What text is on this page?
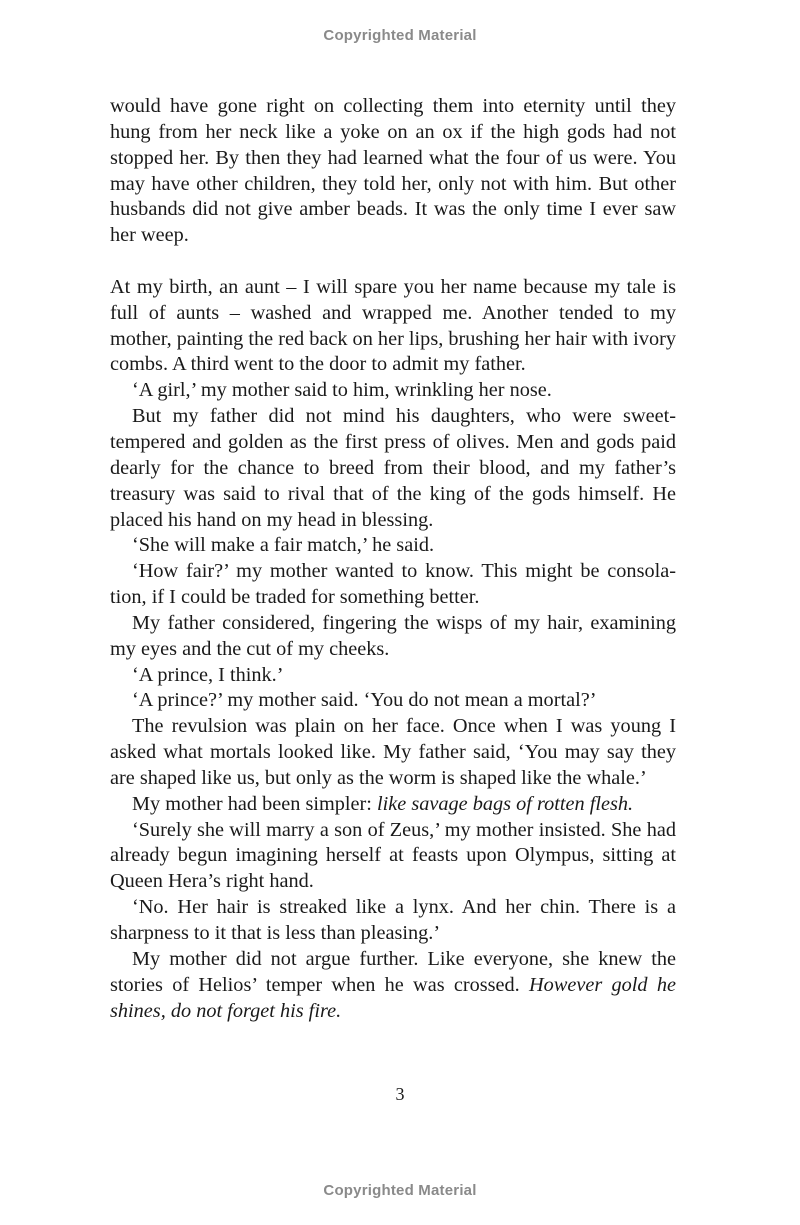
Copyrighted Material

would have gone right on collecting them into eternity until they hung from her neck like a yoke on an ox if the high gods had not stopped her. By then they had learned what the four of us were. You may have other children, they told her, only not with him. But other husbands did not give amber beads. It was the only time I ever saw her weep.

At my birth, an aunt – I will spare you her name because my tale is full of aunts – washed and wrapped me. Another tended to my mother, painting the red back on her lips, brushing her hair with ivory combs. A third went to the door to admit my father.

‘A girl,’ my mother said to him, wrinkling her nose.

But my father did not mind his daughters, who were sweettempered and golden as the first press of olives. Men and gods paid dearly for the chance to breed from their blood, and my father’s treasury was said to rival that of the king of the gods himself. He placed his hand on my head in blessing.

‘She will make a fair match,’ he said.

‘How fair?’ my mother wanted to know. This might be consolation, if I could be traded for something better.

My father considered, fingering the wisps of my hair, examining my eyes and the cut of my cheeks.

‘A prince, I think.’

‘A prince?’ my mother said. ‘You do not mean a mortal?’

The revulsion was plain on her face. Once when I was young I asked what mortals looked like. My father said, ‘You may say they are shaped like us, but only as the worm is shaped like the whale.’

My mother had been simpler: like savage bags of rotten flesh.

‘Surely she will marry a son of Zeus,’ my mother insisted. She had already begun imagining herself at feasts upon Olympus, sitting at Queen Hera’s right hand.

‘No. Her hair is streaked like a lynx. And her chin. There is a sharpness to it that is less than pleasing.’

My mother did not argue further. Like everyone, she knew the stories of Helios’ temper when he was crossed. However gold he shines, do not forget his fire.

3
Copyrighted Material
